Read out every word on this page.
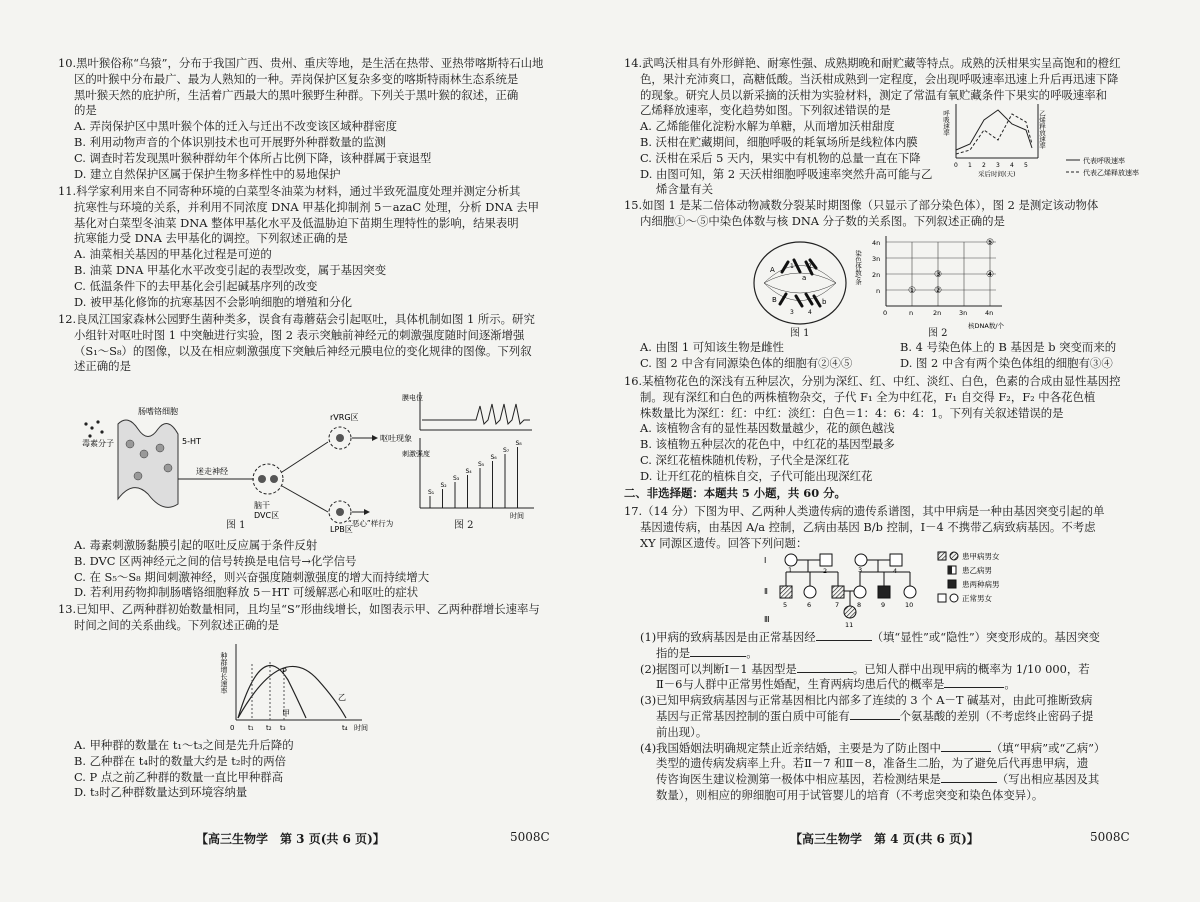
10.黑叶猴俗称“乌猿”，分布于我国广西、贵州、重庆等地，是生活在热带、亚热带喀斯特石山地
区的叶猴中分布最广、最为人熟知的一种。弄岗保护区复杂多变的喀斯特雨林生态系统是
黑叶猴天然的庇护所，生活着广西最大的黑叶猴野生种群。下列关于黑叶猴的叙述，正确
的是
A. 弄岗保护区中黑叶猴个体的迁入与迁出不改变该区域种群密度
B. 利用动物声音的个体识别技术也可开展野外种群数量的监测
C. 调查时若发现黑叶猴种群幼年个体所占比例下降，该种群属于衰退型
D. 建立自然保护区属于保护生物多样性中的易地保护
11.科学家利用来自不同寄种环境的白菜型冬油菜为材料，通过半致死温度处理并测定分析其
抗寒性与环境的关系，并利用不同浓度 DNA 甲基化抑制剂 5－azaC 处理，分析 DNA 去甲
基化对白菜型冬油菜 DNA 整体甲基化水平及低温胁迫下苗期生理特性的影响，结果表明
抗寒能力受 DNA 去甲基化的调控。下列叙述正确的是
A. 油菜相关基因的甲基化过程是可逆的
B. 油菜 DNA 甲基化水平改变引起的表型改变，属于基因突变
C. 低温条件下的去甲基化会引起碱基序列的改变
D. 被甲基化修饰的抗寒基因不会影响细胞的增殖和分化
12.良凤江国家森林公园野生菌种类多，误食有毒蘑菇会引起呕吐，具体机制如图 1 所示。研究
小组针对呕吐时图 1 中突触进行实验，图 2 表示突触前神经元的刺激强度随时间逐渐增强
（S₁～S₈）的图像，以及在相应刺激强度下突触后神经元膜电位的变化规律的图像。下列叙
述正确的是
肠嗜铬细胞
毒素分子	5-HT
迷走神经
脑干
DVC区
rVRG区
LPB区
呕吐现象
“恶心”样行为
图 1
膜电位
刺激强度
S₁
S₂
S₃
S₄
S₅
S₆
S₇
S₈
时间
图 2
A. 毒素刺激肠黏膜引起的呕吐反应属于条件反射
B. DVC 区两神经元之间的信号转换是电信号→化学信号
C. 在 S₅～S₈ 期间刺激神经，则兴奋强度随刺激强度的增大而持续增大
D. 若利用药物抑制肠嗜铬细胞释放 5－HT 可缓解恶心和呕吐的症状
13.已知甲、乙两种群初始数量相同，且均呈“S”形曲线增长，如图表示甲、乙两种群增长速率与
时间之间的关系曲线。下列叙述正确的是
种群增长速率	P
甲
乙
0 t₁ t₂ t₃	t₄ 时间
A. 甲种群的数量在 t₁～t₃之间是先升后降的
B. 乙种群在 t₄时的数量大约是 t₂时的两倍
C. P 点之前乙种群的数量一直比甲种群高
D. t₃时乙种群数量达到环境容纳量
【高三生物学　第 3 页(共 6 页)】	5008C
14.武鸣沃柑具有外形鲜艳、耐寒性强、成熟期晚和耐贮藏等特点。成熟的沃柑果实呈高饱和的橙红
色，果汁充沛爽口，高糖低酸。当沃柑成熟到一定程度，会出现呼吸速率迅速上升后再迅速下降
的现象。研究人员以新采摘的沃柑为实验材料，测定了常温有氧贮藏条件下果实的呼吸速率和
乙烯释放速率，变化趋势如图。下列叙述错误的是
A. 乙烯能催化淀粉水解为单糖，从而增加沃柑甜度
B. 沃柑在贮藏期间，细胞呼吸的耗氧场所是线粒体内膜
C. 沃柑在采后 5 天内，果实中有机物的总量一直在下降
D. 由图可知，第 2 天沃柑细胞呼吸速率突然升高可能与乙
烯含量有关
呼吸速率	乙烯释放速率
0 1 2 3 4 5
采后时间(天)
代表呼吸速率
代表乙烯释放速率
15.如图 1 是某二倍体动物减数分裂某时期图像（只显示了部分染色体），图 2 是测定该动物体
内细胞①～⑤中染色体数与核 DNA 分子数的关系图。下列叙述正确的是
A
B
a
b
1 2
3 4
图 1
染色体数/条
4n
3n
2n
n
0	n	2n	3n	4n
① ②
③	④
⑤
核DNA数/个
图 2
A. 由图 1 可知该生物是雌性	B. 4 号染色体上的 B 基因是 b 突变而来的
C. 图 2 中含有同源染色体的细胞有②④⑤	D. 图 2 中含有两个染色体组的细胞有③④
16.某植物花色的深浅有五种层次，分别为深红、红、中红、淡红、白色，色素的合成由显性基因控
制。现有深红和白色的两株植物杂交，子代 F₁ 全为中红花，F₁ 自交得 F₂，F₂ 中各花色植
株数量比为深红：红：中红：淡红：白色＝1：4：6：4：1。下列有关叙述错误的是
A. 该植物含有的显性基因数量越少，花的颜色越浅
B. 该植物五种层次的花色中，中红花的基因型最多
C. 深红花植株随机传粉，子代全是深红花
D. 让开红花的植株自交，子代可能出现深红花
二、非选择题：本题共 5 小题，共 60 分。
17.（14 分）下图为甲、乙两种人类遗传病的遗传系谱图，其中甲病是一种由基因突变引起的单
基因遗传病，由基因 A/a 控制，乙病由基因 B/b 控制，Ⅰ－4 不携带乙病致病基因。不考虑
XY 同源区遗传。回答下列问题：
Ⅰ
Ⅱ
Ⅲ
1	2	3	4
5	6	7	8	9	10
11
患甲病男女
患乙病男
患两种病男
正常男女
(1)甲病的致病基因是由正常基因经	（填“显性”或“隐性”）突变形成的。基因突变
指的是	。
(2)据图可以判断Ⅰ－1 基因型是	。已知人群中出现甲病的概率为 1/10 000，若
Ⅱ－6与人群中正常男性婚配，生育两病均患后代的概率是	。
(3)已知甲病致病基因与正常基因相比内部多了连续的 3 个 A－T 碱基对，由此可推断致病
基因与正常基因控制的蛋白质中可能有	个氨基酸的差别（不考虑终止密码子提
前出现）。
(4)我国婚姻法明确规定禁止近亲结婚，主要是为了防止图中	（填“甲病”或“乙病”）
类型的遗传病发病率上升。若Ⅱ－7 和Ⅱ－8，准备生二胎，为了避免后代再患甲病，遗
传咨询医生建议检测第一极体中相应基因，若检测结果是	（写出相应基因及其
数量），则相应的卵细胞可用于试管婴儿的培育（不考虑突变和染色体变异）。
【高三生物学　第 4 页(共 6 页)】	5008C
